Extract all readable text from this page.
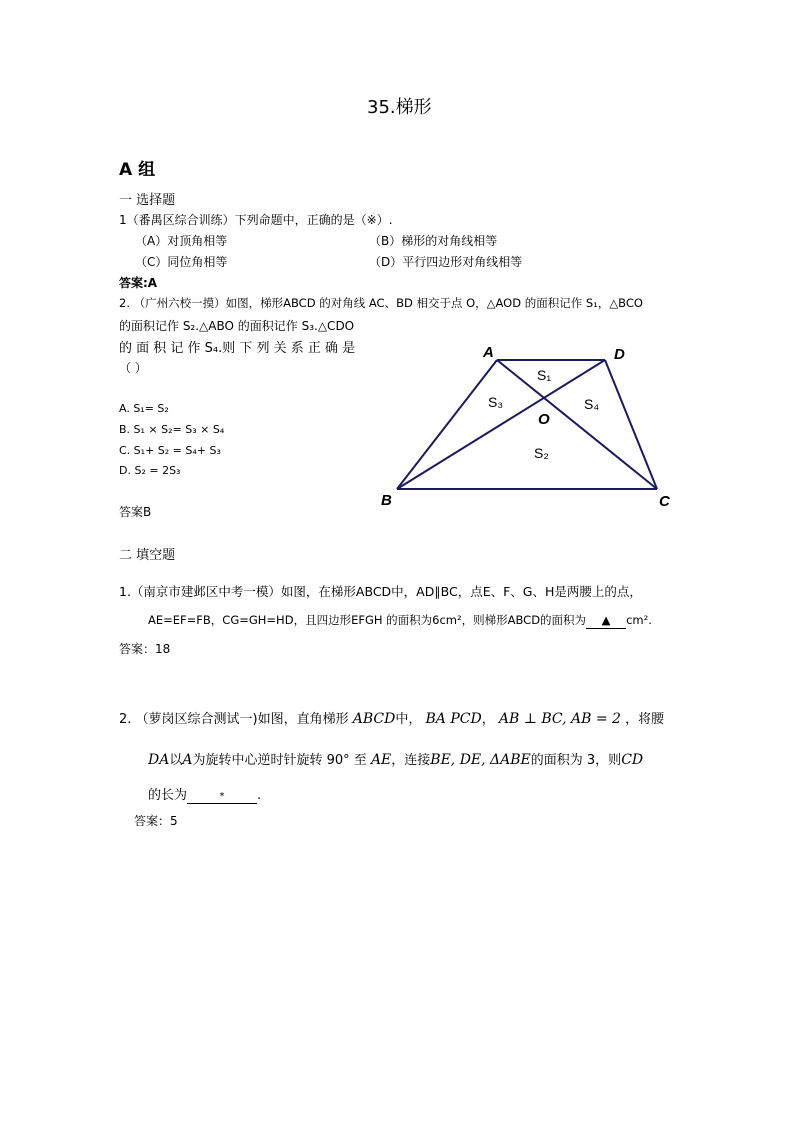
35.梯形
A 组
一 选择题
1（番禺区综合训练）下列命题中，正确的是（※）.
（A）对顶角相等	（B）梯形的对角线相等
（C）同位角相等	（D）平行四边形对角线相等
答案:A
2. （广州六校一摸）如图，梯形ABCD 的对角线 AC、BD 相交于点 O，△AOD 的面积记作 S₁，△BCO
的面积记作 S₂.△ABO 的面积记作 S₃.△CDO
的 面 积 记 作 S₄.则 下 列 关 系 正 确 是
（ ）
A. S₁= S₂
B. S₁ × S₂= S₃ × S₄
C. S₁+ S₂ = S₄+ S₃
D. S₂ = 2S₃
答案B
A	D
B	C
O
S₁
S₃	S₄
S₂
二 填空题
1.（南京市建邺区中考一模）如图，在梯形ABCD中，AD∥BC，点E、F、G、H是两腰上的点，
AE=EF=FB，CG=GH=HD，且四边形EFGH 的面积为6cm²，则梯形ABCD的面积为 ▲ cm².
答案：18
2. （萝岗区综合测试一)如图，直角梯形 ABCD中， BA PCD， AB ⊥ BC, AB = 2 ，将腰
DA以A为旋转中心逆时针旋转 90° 至 AE，连接BE, DE, ΔABE的面积为 3，则CD
的长为	*	.
答案：5
